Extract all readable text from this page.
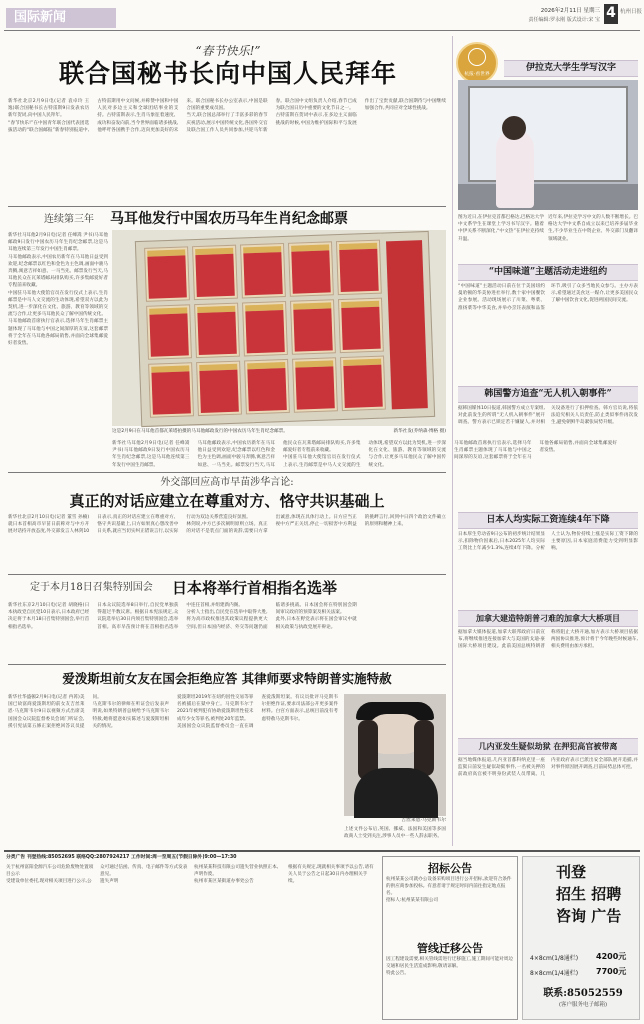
国际新闻	2026年2月11日 星期三
责任编辑:罗永刚 版式设计:宋 宝 4 杭州日报
“春节快乐!”
联合国秘书长向中国人民拜年
新华社北京2月9日电(记者 袁卓玲 王逸)联合国秘书长古特雷斯9日发表农历新年贺词,向中国人民拜年。
“春节快乐!”在中国青年联合国代表团选拔活动的“联合国邮报”新春特别报道中,古特雷斯用中文问候,并称赞中国和中国人民对多边主义和全球团结事业的支持。古特雷斯表示,生肖马象征着速度、成功和奋发向前,当今世界面临诸多挑战,他呼吁各国携手合作,迈向更加美好的未来。联合国秘书长办公室表示,中国是联合国的重要成员国。
当天,联合国总部举行了丰富多彩的春节庆祝活动,展示中国传统文化,各国外交官及联合国工作人员共同参加,共迎马年新春。联合国中文组负责人介绍,春节已成为联合国日历中重要的文化节日之一。
古特雷斯在贺词中表示,在多边主义面临挑战的时候,中国为维护国际和平与发展作出了宝贵贡献,联合国期待与中国继续加强合作,共同应对全球性挑战。
连续第三年 马耳他发行中国农历马年生肖纪念邮票
新华社马耳他2月9日电(记者 任峰嵩 尹书)马耳他邮政9日发行中国农历马年生肖纪念邮票,这是马耳他连续第三年发行中国生肖邮票。
马耳他邮政表示,中国农历新年在马耳他日益受到欢迎,纪念邮票以红色和金色为主色调,画面中骏马奔腾,寓意吉祥如意、一马当先。邮票发行当天,马耳他民众在瓦莱塔邮局排队购买,许多集邮爱好者专程前来收藏。
中国驻马耳他大使馆官员在发行仪式上表示,生肖邮票是中马人文交流的生动体现,希望双方以此为契机,进一步深化在文化、旅游、教育等领域的交流与合作,让更多马耳他民众了解中国传统文化。
马耳他邮政首席执行官表示,选择马年生肖邮票主题体现了马耳他与中国之间深厚的友谊,这套邮票将于全年在马耳他各邮局销售,并面向全球集邮爱好者发售。
这是2月9日在马耳他首都瓦莱塔拍摄的马耳他邮政发行的中国农历马年生肖纪念邮票。	新华社发(乔纳森·博格 摄)
新华社马耳他2月9日电(记者 任峰嵩 尹书)马耳他邮政9日发行中国农历马年生肖纪念邮票,这是马耳他连续第三年发行中国生肖邮票。
马耳他邮政表示,中国农历新年在马耳他日益受到欢迎,纪念邮票以红色和金色为主色调,画面中骏马奔腾,寓意吉祥如意、一马当先。邮票发行当天,马耳他民众在瓦莱塔邮局排队购买,许多集邮爱好者专程前来收藏。
中国驻马耳他大使馆官员在发行仪式上表示,生肖邮票是中马人文交流的生动体现,希望双方以此为契机,进一步深化在文化、旅游、教育等领域的交流与合作,让更多马耳他民众了解中国传统文化。
马耳他邮政首席执行官表示,选择马年生肖邮票主题体现了马耳他与中国之间深厚的友谊,这套邮票将于全年在马耳他各邮局销售,并面向全球集邮爱好者发售。
外交部回应高市早苗涉华言论:
真正的对话应建立在尊重对方、恪守共识基础上
新华社北京2月10日电(记者 董雪 孙楠)就日本首相高市早苗日前称对与中方开展对话持开放态度,外交部发言人林剑10日表示,真正的对话应建立在尊重对方、恪守共识基础上,日方如果真心想改善中日关系,就应当切实纠正错误言行,以实际行动为双边关系营造良好氛围。
林剑说,中方已多次阐明原则立场。真正的对话不是装点门面的说辞,需要日方拿出诚意,体现在具体行动上。日方应当正视中方严正关切,停止一切损害中方利益的挑衅言行,回到中日四个政治文件确立的原则和精神上来。
定于本月18日召集特别国会 日本将举行首相指名选举
新华社东京2月10日电(记者 胡晓格)日本执政党自民党10日表示,日本政府已经决定将于本月18日召集特别国会,举行首相指名选举。
日本众议院选举8日举行,自民党单独获得超过半数议席。根据日本宪法规定,众议院选举后30日内须召集特别国会,选举首相。高市早苗预计将在首相指名选举中连任首相,并组建新内阁。
分析人士指出,自民党在选举中取得大胜,将为高市政权推进其政策议程提供更大空间,但日本国内经济、外交等问题仍面临诸多挑战。日本国会将在特别国会期间审议政府的预算案及相关法案。
此外,日本在野党表示将在国会审议中就相关政策与执政党展开辩论。
爱泼斯坦前女友在国会拒绝应答 其律师要求特朗普实施特赦
新华社华盛顿2月9日电(记者 冉苒)美国已故富商爱泼斯坦的前女友吉丝莱恩·马克斯韦尔9日以视频方式出席美国国会众议院监督委员会闭门听证会,援引宪法第五修正案拒绝回答议员提问。
马克斯韦尔的律师在听证会后发表声明说,如果特朗普总统给予马克斯韦尔特赦,她将愿意如实陈述与爱泼斯坦相关的情况。
爱泼斯坦2019年在纽约因性交易等罪名被捕后在狱中身亡。马克斯韦尔于2021年被判犯有协助爱泼斯坦性侵未成年少女等罪名,被判处20年监禁。
美国国会众议院监督委员会一直在调查爱泼斯坦案。有议员批评马克斯韦尔拒绝作证,要求司法部公开更多案件材料。白宫方面表示,总统目前没有考虑特赦马克斯韦尔。
吉丝莱恩·马克斯韦尔
上述文件公布后,英国、挪威、法国和美国等多国政商人士受到关注,涉事人员中一些人辞去职务。
杭报·看世界
伊拉克大学生学写汉字
图为近日,在伊拉克首都巴格达,巴格达大学中文系学生在课堂上学习书写汉字。随着中伊关系不断深化,“中文热”在伊拉克持续升温。
近年来,伊拉克学习中文的人数不断增长。巴格达大学中文系自成立以来已培养多届毕业生,不少毕业生在中资企业、外交部门及翻译领域就业。
“中国味道”主题活动走进纽约
“中国味道”主题活动日前在位于美国纽约曼哈顿的华美协进社举行,数十家中国餐饮企业参展。活动现场展示了川菜、粤菜、淮扬菜等中华美食,并举办烹饪表演和品鉴环节,吸引了众多当地民众参与。主办方表示,希望通过美食这一媒介,让更多美国民众了解中国饮食文化,促进两国民间交流。
韩国警方追查“无人机入朝事件”
据韩国媒体10日报道,韩国警方成立专案组,对此前发生的所谓“无人机入朝事件”展开调查。警方表示已锁定若干嫌疑人,并对相关设备进行了扣押检查。韩方官员说,将依法追究相关人员责任,防止类似事件再次发生,避免朝鲜半岛紧张局势升级。
日本人均实际工资连续4年下降
日本厚生劳动省9日公布的初步统计结果显示,扣除物价因素后,日本2025年人均实际工资比上年减少1.3%,连续4年下降。分析人士认为,物价持续上涨是实际工资下降的主要原因,日本家庭消费能力受到明显影响。
加拿大建造特朗普刁难的加拿大大桥项目
据加拿大媒体报道,加拿大联邦政府日前宣布,将继续推进连接加拿大与美国的戈迪·豪国际大桥项目建设。此前美国总统特朗普称将阻止大桥开通,加方表示大桥项目依据两国协议推进,预计将于今年晚些时候通车,相关费用由加方承担。
几内亚发生疑似劫狱 在押犯高官被带离
据当地媒体报道,几内亚首都科纳克里一座监狱日前发生疑似劫狱事件,一名被关押的前政府高官被不明身份武装人员带离。几内亚政府表示已派出安全部队展开追捕,并对事件原因展开调查,目前局势总体可控。
分类广告 刊登热线:85052695 联络QQ:2807924217 工作时间:周一至周五(节假日除外)9:00—17:30
关于杭州富阳金源汽车公司危险废物处置项目公示
受建设单位委托,现对相关项目进行公示,公众可通过信函、传真、电子邮件等方式发表意见。
遗失声明
杭州某某科技有限公司遗失营业执照正本,声明作废。
杭州市某区某街道办事处公告
根据有关规定,现就相关事项予以公告,请有关人员于公告之日起30日内办理相关手续。
招标公告
杭州某某公司就办公设备采购项目进行公开招标,欢迎符合条件的供应商参加投标。有意者请于规定时间内前往指定地点报名。
招标人:杭州某某有限公司
管线迁移公告
因工程建设需要,相关管线需进行迁移施工,施工期间可能对周边交通和居民生活造成影响,敬请谅解。
特此公告。
刊登
招生 招聘
咨询 广告
4×8cm(1/8通栏) 4200元
8×8cm(1/4通栏) 7700元
联系:85052559
(客户服务电子邮箱)
